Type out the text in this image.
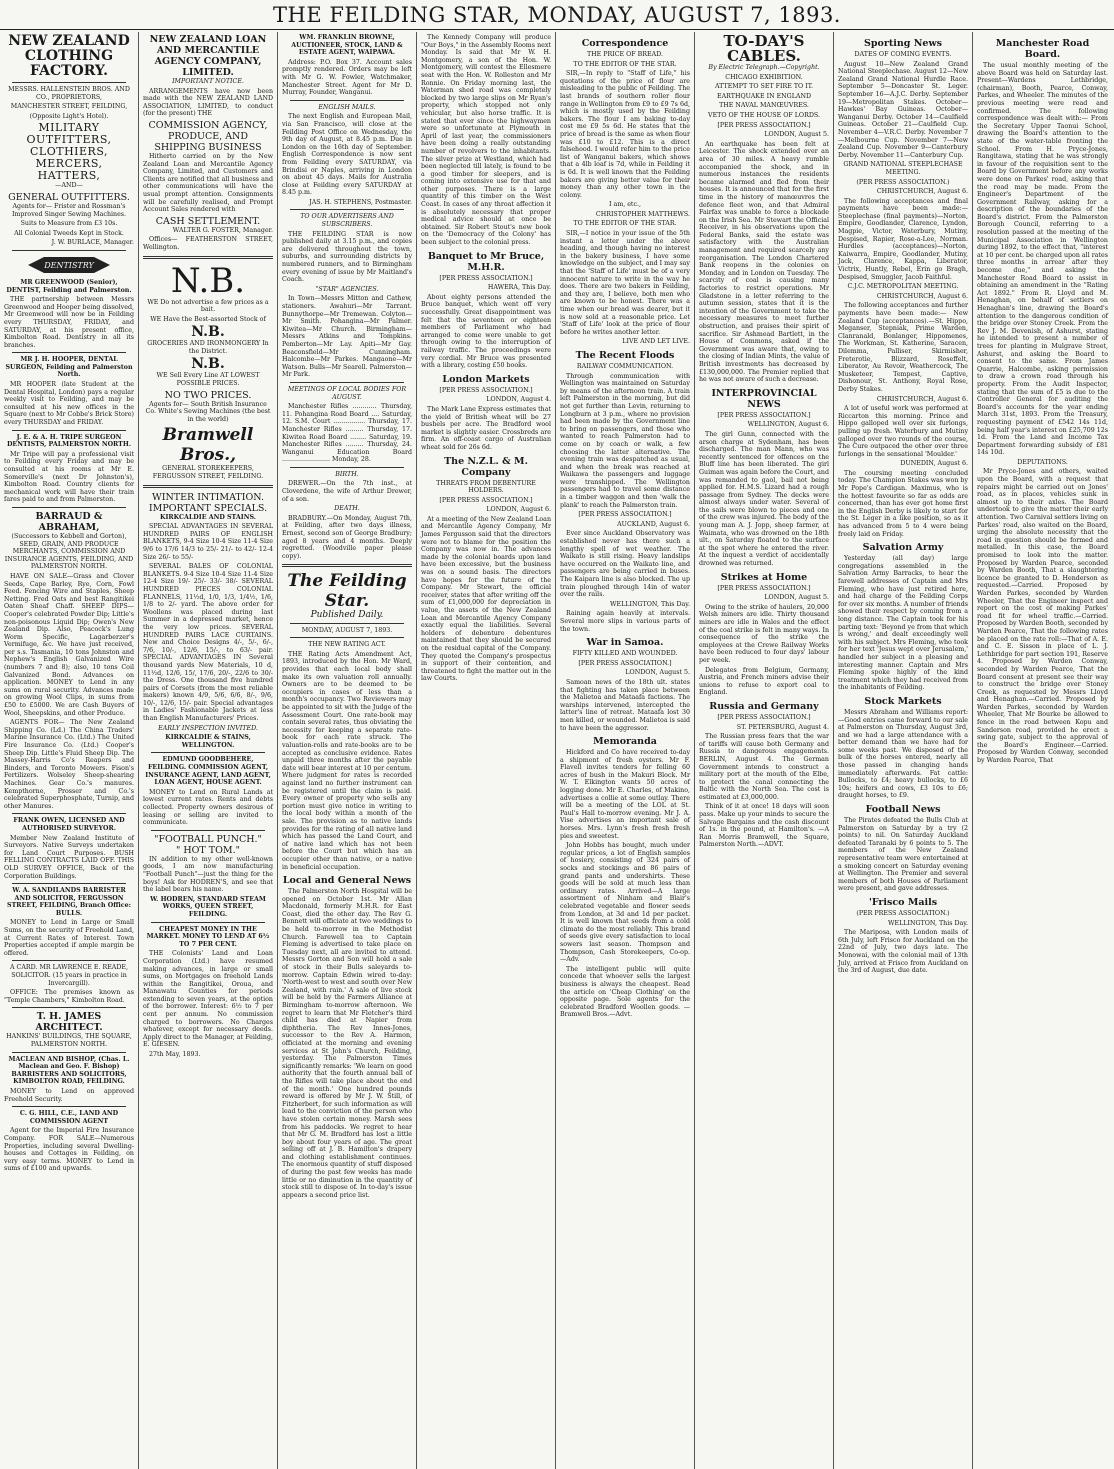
THE FEILDING STAR, MONDAY, AUGUST 7, 1893.
NEW ZEALAND CLOTHING FACTORY.

MESSRS. HALLENSTEIN BROS. AND CO., PROPRIETORS,

MANCHESTER STREET, FEILDING,

(Opposite Light's Hotel).

MILITARY OUTFITTERS,
CLOTHIERS,
MERCERS,
HATTERS,

—AND—

GENERAL OUTFITTERS.

Agents for— Frister and Rossman's Improved Singer Sewing Machines.

Suits to Measure from £3 10s.

All Colonial Tweeds Kept in Stock.

J. W. BURLACE, Manager.

DENTISTRY

MR GREENWOOD (Senior), DENTIST, Feilding and Palmerston.

THE partnership between Messrs Greenwood and Hooper being dissolved, Mr Greenwood will now be in Feilding every THURSDAY, FRIDAY, and SATURDAY, at his present office, Kimbolton Road. Dentistry in all its branches.

MR J. H. HOOPER, DENTAL SURGEON, Feilding and Palmerston North.

MR HOOPER (late Student at the Dental Hospital, London) pays a regular weekly visit to Feilding, and may be consulted at his new offices in the Square (next to Mr Cobbe's Brick Store) every THURSDAY and FRIDAY.

J. E. & A. H. TRIPE SURGEON DENTISTS, PALMERSTON NORTH.

Mr Tripe will pay a professional visit to Feilding every Friday and may be consulted at his rooms at Mr E. Somerville's (next Dr Johnston's), Kimbolton Road. Country clients for mechanical work will have their train fares paid to and from Palmerston.

BARRAUD & ABRAHAM,

(Successors to Kebbell and Gorton), SEED, GRAIN, AND PRODUCE MERCHANTS, COMMISSION AND INSURANCE AGENTS, FEILDING, AND PALMERSTON NORTH.

HAVE ON SALE—Grass and Clover Seeds, Cape Barley, Rye, Corn, Fowl Feed. Fencing Wire and Staples, Sheep Netting. Fred Oats and best Rangitikei Oaten Sheaf Chaff. SHEEP DIPS—Cooper's celebrated Powder Dip; Little's non-poisonous Liquid Dip; Owen's New Zealand Dip. Also, Peacock's Lung Worm Specific, Lagarberzer's Vermifuge, &c. We have just received, per s.s. Tasmania, 10 tons Johnston and Nephew's English Galvanized Wire (numbers 7 and 8); also, 10 tons Coil Galvanized Bond. Advances on application. MONEY to Lend in any sums on rural security. Advances made on growing Wool Clips, in sums from £50 to £5000. We are Cash Buyers of Wool, Sheepskins, and other Produce.

AGENTS FOR— The New Zealand Shipping Co. (Ld.) The China Traders' Marine Insurance Co. (Ltd.) The United Fire Insurance Co. (Ltd.) Cooper's Sheep Dip. Little's Fluid Sheep Dip. The Massey-Harris Co's Reapers and Binders, and Toronto Mowers. Fison's Fertilizers. Wolseley Sheep-shearing Machines. Gear Co.'s manures. Kempthorne, Prosser and Co.'s celebrated Superphosphate, Turnip, and other Manures.

FRANK OWEN, LICENSED AND AUTHORISED SURVEYOR.

Member New Zealand Institute of Surveyors. Native Surveys undertaken for Land Court Purposes. BUSH FELLING CONTRACTS LAID OFF. THIS OLD SURVEY OFFICE, Back of the Corporation Buildings.

W. A. SANDILANDS BARRISTER AND SOLICITOR, FERGUSSON STREET, FEILDING, Branch Office: BULLS.

MONEY to Lend in Large or Small Sums, on the security of Freehold Land, at Current Rates of Interest. Town Properties accepted if ample margin be offered.

A CARD. MR LAWRENCE E. READE, SOLICITOR. (15 years in practice in Invercargill).

OFFICE: The premises known as "Temple Chambers," Kimbolton Road.

T. H. JAMES ARCHITECT.

HANKINS' BUILDINGS, THE SQUARE, PALMERSTON NORTH.

MACLEAN AND BISHOP, (Chas. L. Maclean and Geo. F. Bishop) BARRISTERS AND SOLICITORS, KIMBOLTON ROAD, FEILDING.

MONEY to Lend on approved Freehold Security.

C. G. HILL, C.E., LAND AND COMMISSION AGENT

Agent for the Imperial Fire Insurance Company. FOR SALE—Numerous Properties, including several Dwelling-houses and Cottages in Feilding, on very easy terms. MONEY to Lend in sums of £100 and upwards.

NEW ZEALAND LOAN AND MERCANTILE AGENCY COMPANY, LIMITED.

IMPORTANT NOTICE.

ARRANGEMENTS have now been made with the NEW ZEALAND LAND ASSOCIATION, LIMITED, to conduct (for the present) THE

COMMISSION AGENCY, PRODUCE, AND SHIPPING BUSINESS

Hitherto carried on by the New Zealand Loan and Mercantile Agency Company, Limited, and Customers and Clients are notified that all business and other communications will have the usual prompt attention. Consignments will be carefully realised, and Prompt Account Sales rendered with

CASH SETTLEMENT.

WALTER G. FOSTER, Manager.

Offices— FEATHERSTON STREET, Wellington.

N.B.

WE Do not advertise a few prices as a bait.

WE Have the Best-assorted Stock of

N.B.

GROCERIES AND IRONMONGERY In the District.

N.B.

WE Sell Every Line AT LOWEST POSSIBLE PRICES.

NO TWO PRICES.

Agents for— South British Insurance Co. White's Sewing Machines (the best in the world)

Bramwell Bros.,

GENERAL STOREKEEPERS, FERGUSSON STREET, FEILDING.

WINTER INTIMATION. IMPORTANT SPECIALS.

KIRKCALDIE AND STAINS.

SPECIAL ADVANTAGES IN SEVERAL HUNDRED PAIRS OF ENGLISH BLANKETS, 9-4 Size 10-4 Size 11-4 Size 9/6 to 17/6 14/3 to 25/- 21/- to 42/- 12-4 Size 26/- to 55/-

SEVERAL BALES OF COLONIAL BLANKETS. 9-4 Size 10-4 Size 11-4 Size 12-4 Size 19/- 25/- 33/- 38/- SEVERAL HUNDRED PIECES COLONIAL FLANNELS, 11½d, 1/0, 1/3, 1/4½, 1/6, 1/8 to 2/- yard. The above order for Woollens was placed during last Summer in a depressed market, hence the very low prices. SEVERAL HUNDRED PAIRS LACE CURTAINS. New and Choice Designs 4/-, 5/-, 6/-, 7/6, 10/-, 12/6, 15/-, to 63/- pair. SPECIAL ADVANTAGES IN Several thousand yards New Materials, 10 d, 11½d, 12/6, 15/, 17/6, 20/-, 22/6 to 30/- the Dress. One thousand five hundred pairs of Corsets (from the most reliable makers) known 4/9, 5/6, 6/6, 8/-, 9/6, 10/-, 12/6, 15/- pair. Special advantages in Ladies' Fashionable Jackets at less than English Manufacturers' Prices.

EARLY INSPECTION INVITED.

KIRKCALDIE & STAINS, WELLINGTON.

EDMUND GOODBEHERE, FEILDING. COMMISSION AGENT, INSURANCE AGENT, LAND AGENT, LOAN AGENT, HOUSE AGENT.

MONEY to Lend on Rural Lands at lowest current rates. Rents and debts collected. Property owners desirous of leasing or selling are invited to communicate.

"FOOTBALL PUNCH."
" HOT TOM."

IN addition to my other well-known goods, I am now manufacturing "Football Punch"—just the thing for the boys! Ask for HODREN'S, and see that the label bears his name.

W. HODREN, STANDARD STEAM WORKS, QUEEN STREET, FEILDING.

CHEAPEST MONEY IN THE MARKET. MONEY TO LEND AT 6½ TO 7 PER CENT.

THE Colonists' Land and Loan Corporation (Ltd.) have resumed making advances, in large or small sums, on Mortgages on freehold Lands within the Rangitikei, Oroua, and Manawatu Counties for periods extending to seven years, at the option of the borrower. Interest: 6½ to 7 per cent per annum. No commission charged to borrowers. No Charges whatever, except for necessary deeds. Apply direct to the Manager, at Feilding, E. GIESEN.

27th May, 1893.

WM. FRANKLIN BROWNE, AUCTIONEER, STOCK, LAND & ESTATE AGENT, WAIPAWA.

Address: P.O. Box 37. Account sales promptly rendered. Orders may be left with Mr G. W. Fowler, Watchmaker, Manchester Street. Agent for Mr D. Murray, Founder, Wanganui.

ENGLISH MAILS.

The next English and European Mail, via San Francisco, will close at the Feilding Post Office on Wednesday, the 9th day of August, at 8.45 p.m. Due in London on the 16th day of September. English Correspondence is now sent from Feilding every SATURDAY, via Brindisi or Naples, arriving in London on about 45 days. Mails for Australia close at Feilding every SATURDAY at 8.45 p.m.

JAS. H. STEPHENS, Postmaster.

TO OUR ADVERTISERS AND SUBSCRIBERS.

THE FEILDING STAR is now published daily at 3.15 p.m., and copies are delivered throughout the town, suburbs, and surrounding districts by numbered runners, and to Birmingham every evening of issue by Mr Maitland's Coach.

"STAR" AGENCIES.

In Town—Messrs Mitton and Cathew, stationers. Awahuri—Mr Tarrant. Bunnythorpe—Mr Tremewan. Colyton—Mr Smith. Pohangina—Mr Palmer. Kiwitea—Mr Church. Birmingham—Messrs Atkins and Tompkins. Pemberton—Mr Lay. Apiti—Mr Gay. Beaconsfield—Mr Cunningham. Halcombe—Mr Parkes. Mangaone—Mr Watson. Bulls—Mr Searell. Palmerston—Mr Park.

MEETINGS OF LOCAL BODIES FOR AUGUST.

Manchester Rifles ............ Thursday, 11. Pohangina Road Board .... Saturday, 12. S.M. Court ................ Thursday, 17. Manchester Rifles ......... Thursday, 17. Kiwitea Road Board ........ Saturday, 19. Manchester Rifles ......... Thursday, 24. Wanganui Education Board ........................ Monday, 28.

BIRTH.

DREWER.—On the 7th inst., at Cloverdene, the wife of Arthur Drewer, of a son.

DEATH.

BRADBURY.—On Monday, August 7th, at Feilding, after two days illness, Ernest, second son of George Bradbury; aged 8 years and 4 months. Deeply regretted. (Woodville paper please copy).

The Feilding Star.

Published Daily.

MONDAY, AUGUST 7, 1893.

THE NEW RATING ACT.

THE Rating Acts Amendment Act, 1893, introduced by the Hon. Mr Ward, provides that each local body shall make its own valuation roll annually. Owners are to be deemed to be occupiers in cases of less than a month's occupancy. Two Reviewers may be appointed to sit with the Judge of the Assessment Court. One rate-book may contain several rates, thus obviating the necessity for keeping a separate rate-book for each rate struck. The valuation-rolls and rate-books are to be accepted as conclusive evidence. Rates unpaid three months after the payable date will bear interest at 10 per centum. Where judgment for rates is recorded against land no further instrument can be registered until the claim is paid. Every owner of property who sells any portion must give notice in writing to the local body within a month of the sale. The provision as to native lands provides for the rating of all native land which has passed the Land Court, and of native land which has not been before the Court but which has an occupier other than native, or a native in beneficial occupation.

Local and General News

The Palmerston North Hospital will be opened on October 1st. Mr Allan Macdonald, formerly M.H.R. for East Coast, died the other day. The Rev G. Bennett will officiate at two weddings to be held to-morrow in the Methodist Church. Farewell tea to Captain Fleming is advertised to take place on Tuesday next, all are invited to attend. Messrs Gorton and Son will hold a sale of stock in their Bulls saleyards to-morrow. Captain Edwin wired to-day: 'North-west to west and south over New Zealand, with rain.' A sale of live stock will be held by the Farmers Alliance at Birmingham to-morrow afternoon. We regret to learn that Mr Fletcher's third child has died at Napier from diphtheria. The Rev Innes-Jones, successor to the Rev A. Harmon, officiated at the morning and evening services at St John's Church, Feilding, yesterday. The Palmerston Times significantly remarks: 'We learn on good authority that the fourth annual ball of the Rifles will take place about the end of the month.' One hundred pounds reward is offered by Mr J. W. Still, of Fitzherbert, for such information as will lead to the conviction of the person who have stolen certain money. Marsh sees from his paddocks. We regret to hear that Mr G. M. Bradford has lost a little boy about four years of age. The great selling off at J. B. Hamilton's drapery and clothing establishment continues. The enormous quantity of stuff disposed of during the past few weeks has made little or no diminution in the quantity of stock still to dispose of. In to-day's issue appears a second price list.

The Kennedy Company will produce "Our Boys," in the Assembly Rooms next Monday. Is said that Mr W. H. Montgomery, a son of the Hon. W. Montgomery, will contest the Ellesmere seat with the Hon. W. Rolleston and Mr Ronnie. On Friday morning last, the Waterman shed road was completely blocked by two large slips on Mr Ryan's property, which stopped not only vehicular, but also horse traffic. It is stated that ever since the highwaymen were so unfortunate at Plymouth in April of last year, the commissioners have been doing a really outstanding number of revolvers to the inhabitants. The silver prize at Westland, which had been neglected till lately, is found to be a good timber for sleepers, and is coming into extensive use for that and other purposes. There is a large quantity of this timber on the West Coast. In cases of any throat affection it is absolutely necessary that proper medical advice should at once be obtained. Sir Robert Stout's new book on the 'Democracy of the Colony' has been subject to the colonial press.

Banquet to Mr Bruce, M.H.R.

[PER PRESS ASSOCIATION.]

HAWERA, This Day.

About eighty persons attended the Bruce banquet, which went off very successfully. Great disappointment was felt that the seventeen or eighteen members of Parliament who had arranged to come were unable to get through owing to the interruption of railway traffic. The proceedings were very cordial. Mr Bruce was presented with a library, costing £50 books.

London Markets

[PER PRESS ASSOCIATION.]

LONDON, August 4.

The Mark Lane Express estimates that the yield of British wheat will be 27 bushels per acre. The Bradford wool market is slightly easier. Crossbreds are firm. An off-coast cargo of Australian wheat sold for 26s 6d.

The N.Z.L. & M. Company

THREATS FROM DEBENTURE HOLDERS.

[PER PRESS ASSOCIATION.]

LONDON, August 6.

At a meeting of the New Zealand Loan and Mercantile Agency Company, Mr James Fergusson said that the directors were not to blame for the position the Company was now in. The advances made by the colonial boards upon land have been excessive, but the business was on a sound basis. The directors have hopes for the future of the Company. Mr Stewart, the official receiver, states that after writing off the sum of £1,000,000 for depreciation in value, the assets of the New Zealand Loan and Mercantile Agency Company exactly equal the liabilities. Several holders of debenture debentures maintained that they should be secured on the residual capital of the Company. They quoted the Company's prospectus in support of their contention, and threatened to fight the matter out in the law Courts.

Correspondence

THE PRICE OF BREAD.

TO THE EDITOR OF THE STAR.

SIR,—In reply to "Staff of Life," his quotations of the price of flour are misleading to the public of Feilding. The last brands of southern roller flour range in Wellington from £9 to £9 7s 6d, which is mostly used by the Feilding bakers. The flour I am baking to-day cost me £9 5s 6d. He states that the price of bread is the same as when flour was £10 to £12. This is a direct falsehood. I would refer him to the price list of Wanganui bakers, which shows that a 4lb loaf is 7d, while in Feilding it is 6d. It is well known that the Feilding bakers are giving better value for their money than any other town in the colony.

I am, etc.,

CHRISTOPHER MATTHEWS.

TO THE EDITOR OF THE STAR.

SIR,—I notice in your issue of the 5th instant a letter under the above heading, and though having no interest in the bakery business, I have some knowledge on the subject, and I may say that the 'Staff of Life' must be of a very innocent nature to write in the way he does. There are two bakers in Feilding, and they are, I believe, both men who are known to be honest. There was a time when our bread was dearer, but it is now sold at a reasonable price. Let 'Staff of Life' look at the price of flour before he writes another letter.

LIVE AND LET LIVE.

The Recent Floods

RAILWAY COMMUNICATION.

Through communication with Wellington was maintained on Saturday by means of the afternoon train. A train left Palmerston in the morning, but did not get further than Levin, returning to Longburn at 3 p.m., where no provision had been made by the Government line to bring on passengers, and those who wanted to reach Palmerston had to come on by coach or walk, a few choosing the latter alternative. The evening train was despatched as usual, and when the break was reached at Waikawa the passengers and luggage were transhipped. The Wellington passengers had to travel some distance in a timber waggon and then 'walk the plank' to reach the Palmerston train.

[PER PRESS ASSOCIATION.]

AUCKLAND, August 6.

Ever since Auckland Observatory was established never has there such a lengthy spell of wet weather. The Waikato is still rising. Heavy landslips have occurred on the Waikato line, and passengers are being carried in buses. The Kaipara line is also blocked. The up train ploughed through 14in of water over the rails.

WELLINGTON, This Day.

Raining again heavily at intervals. Several more slips in various parts of the town.

War in Samoa.

FIFTY KILLED AND WOUNDED.

[PER PRESS ASSOCIATION.]

LONDON, August 5.

Samoan news of the 18th ult. states that fighting has taken place between the Malietoa and Mataafa factions. The warships intervened, intercepted the latter's line of retreat. Mataafa lost 30 men killed, or wounded. Malietoa is said to have been the aggressor.

Memoranda

Hickford and Co have received to-day a shipment of fresh oysters. Mr F. Flavell invites tenders for felling 60 acres of bush in the Makuri Block. Mr W. T. Elkington wants 50 acres of logging done. Mr E. Charles, of Makino, advertises a collie at some outlay. There will be a meeting of the LOL at St. Paul's Hall to-morrow evening. Mr J. A. Vise advertises an important sale of horses. Mrs. Lynn's fresh fresh fresh pies and sweetest.

John Hobbs has bought, much under regular prices, a lot of English samples of hosiery, consisting of 324 pairs of socks and stockings and 86 pairs of grand pants and undershirts. These goods will be sold at much less than ordinary rates. Arrived—A large assortment of Ninham and Blair's celebrated vegetable and flower seeds from London, at 3d and 1d per packet. It is well known that seeds from a cold climate do the most reliably. This brand of seeds give every satisfaction to local sowers last season. Thompson and Thompson, Cash Storekeepers, Co-op. —Adv.

The intelligent public will quite concede that whoever sells the largest business is always the cheapest. Read the article on 'Cheap Clothing' on the opposite page. Sole agents for the celebrated Bradford Woollen goods. —Bramwell Bros.—Advt.

TO-DAY'S CABLES.

By Electric Telegraph.—Copyright.

CHICAGO EXHIBITION.

ATTEMPT TO SET FIRE TO IT.

EARTHQUAKE IN ENGLAND

THE NAVAL MANŒUVRES.

VETO OF THE HOUSE OF LORDS.

[PER PRESS ASSOCIATION.]

LONDON, August 5.

An earthquake has been felt at Leicester. The shock extended over an area of 30 miles. A heavy rumble accompanied the shock, and in numerous instances the residents became alarmed and fled from their houses. It is announced that for the first time in the history of manœuvres the defence fleet won, and that Admiral Fairfax was unable to force a blockade on the Irish Sea. Mr Stewart the Official Receiver, in his observations upon the Federal Banks, said the estate was satisfactory with the Australian management and required scarcely any reorganisation. The London Chartered Bank reopens in the colonies on Monday, and in London on Tuesday. The scarcity of coal is causing many factories to restrict operations. Mr Gladstone in a letter referring to the autumn session, states that it is the intention of the Government to take the necessary measures to meet further obstruction, and praises their spirit of sacrifice. Sir Ashmead Bartlett, in the House of Commons, asked if the Government was aware that, owing to the closing of Indian Mints, the value of British investments has decreased by £130,000,000. The Premier replied that he was not aware of such a decrease.

INTERPROVINCIAL NEWS

[PER PRESS ASSOCIATION.]

WELLINGTON, August 6.

The girl Gunn, connected with the arson charge at Sydenham, has been discharged. The man Mann, who was recently sentenced for offences on the Bluff line has been liberated. The girl Guiman was again before the Court, and was remanded to gaol, bail not being applied for. H.M.S. Lizard had a rough passage from Sydney. The decks were almost always under water. Several of the sails were blown to pieces and one of the crew was injured. The body of the young man A. J. Jopp, sheep farmer, at Waimata, who was drowned on the 18th ult., on Saturday floated to the surface at the spot where he entered the river. At the inquest a verdict of accidentally drowned was returned.

Strikes at Home

[PER PRESS ASSOCIATION.]

LONDON, August 5.

Owing to the strike of haulers, 20,000 Welsh miners are idle. Thirty thousand miners are idle in Wales and the effect of the coal strike is felt in many ways. In consequence of the strike the employees at the Crewe Railway Works have been reduced to four days' labour per week.

Delegates from Belgium, Germany, Austria, and French miners advise their unions to refuse to export coal to England.

Russia and Germany

[PER PRESS ASSOCIATION.]

ST. PETERSBURG, August 4.

The Russian press fears that the war of tariffs will cause both Germany and Russia to dangerous engagements. BERLIN, August 4. The German Government intends to construct a military port at the mouth of the Elbe, to protect the canal connecting the Baltic with the North Sea. The cost is estimated at £3,000,000.

Think of it at once! 18 days will soon pass. Make up your minds to secure the Salvage Bargains and the cash discount of 1s. in the pound, at Hamilton's. —A Ran Morris Bramwell, the Square, Palmerston North.—ADVT.

Sporting News

DATES OF COMING EVENTS.

August 10—New Zealand Grand National Steeplechase. August 12—New Zealand Grand National Hurdle Race. September 5—Doncaster St. Leger. September 16—A.J.C. Derby. September 19—Metropolitan Stakes. October—Hawkes' Bay Guineas. October—Wanganui Derby. October 14—Caulfield Guineas. October 21—Caulfield Cup. November 4—V.R.C. Derby. November 7—Melbourne Cup. November 7—New Zealand Cup. November 9—Canterbury Derby. November 11—Canterbury Cup.

GRAND NATIONAL STEEPLECHASE MEETING.

(PER PRESS ASSOCIATION.)

CHRISTCHURCH, August 6.

The following acceptances and final payments have been made:— Steeplechase (final payments)—Norton, Empire, Goodlander, Clarence, Lyndon, Magpie, Victor, Waterbury, Mutiny, Despised, Rapier, Rose-a-Lee, Norman. Hurdles (acceptances)—Norton, Kaiwarra, Empire, Goodlander, Mutiny, Jack, Clarence, Kappa, Liberator, Victrix, Huntly, Rebel, Erin go Bragh, Despised, Smuggler, Jacob Faithful.

C.J.C. METROPOLITAN MEETING.

CHRISTCHURCH, August 6.

The following acceptances and further payments have been made:— New Zealand Cup (acceptances).—St. Hippo, Meganser, Stepniak, Prime Warden, Clanranald, Bonlanger, Hippomenes, The Workman, St. Katherine, Saracen, Dilemma, Palliser, Skirmisher, Freterotie, Blizzard, Roseffelt, Liberator, Au Revoir, Weathercock, The Musketeer, Tempest, Captive, Dishonour, St. Anthony, Royal Rose, Derby Stakes.

CHRISTCHURCH, August 6.

A lot of useful work was performed at Riccarton this morning. Prince and Hippo galloped well over six furlongs, pulling up fresh. Waterbury and Mutiny galloped over two rounds of the course, The Cure outpaced the other over three furlongs in the sensational 'Moulder.'

DUNEDIN, August 6.

The coursing meeting concluded today. The Champion Stakes was won by Mr Pope's Cardigan. Maximus, who is the hottest favourite so far as odds are concerned, than has ever got home first in the English Derby is likely to start for the St. Leger in a like position, so as it has advanced from 5 to 4 were being freely laid on Friday.

Salvation Army

Yesterday (all day) large congregations assembled in the Salvation Army Barracks, to hear the farewell addresses of Captain and Mrs Fleming, who have just retired here, and had charge of the Feilding Corps for over six months. A number of friends showed their respect by coming from a long distance. The Captain took for his parting text: 'Beyond ye from that which is wrong,' and dealt exceedingly well with his subject. Mrs Fleming, who took for her text 'Jesus wept over Jerusalem,' handled her subject in a pleasing and interesting manner. Captain and Mrs Fleming spoke highly of the kind treatment which they had received from the inhabitants of Feilding.

Stock Markets

Messrs Abraham and Williams report:—Good entries came forward to our sale at Palmerston on Thursday, August 3rd, and we had a large attendance with a better demand than we have had for some weeks past. We disposed of the bulk of the horses entered, nearly all those passed in changing hands immediately afterwards. Fat cattle: Bullocks, to £4; heavy bullocks, to £6 10s; heifers and cows, £3 10s to £6; draught horses, to £9.

Football News

The Pirates defeated the Bulls Club at Palmerston on Saturday by a try (2 points) to nil. On Saturday Auckland defeated Taranaki by 6 points to 5. The members of the New Zealand representative team were entertained at a smoking concert on Saturday evening at Wellington. The Premier and several members of both Houses of Parliament were present, and gave addresses.

'Frisco Mails

(PER PRESS ASSOCIATION.)

WELLINGTON, This Day.

The Mariposa, with London mails of 6th July, left Frisco for Auckland on the 22nd of July, two days late. The Monowai, with the colonial mail of 13th July, arrived at Frisco from Auckland on the 3rd of August, due date.

Manchester Road Board.

The usual monthly meeting of the above Board was held on Saturday last. Present—Wardens Lethbridge, (chairman), Booth, Pearce, Conway, Parkes, and Wheeler. The minutes of the previous meeting were read and confirmed. The following correspondence was dealt with:— From the Secretary Upper Taonui School, drawing the Board's attention to the state of the water-table fronting the School. From H. Pryce-Jones, Rangitawa, stating that he was strongly in favour of the requisition sent to the Board by Government before any works were done on Parkes' road, asking that the road may be made. From the Engineer's Department of the Government Railway, asking for a description of the boundaries of the Board's district. From the Palmerston Borough Council, referring to a resolution passed at the meeting of the Municipal Association in Wellington during 1892, to the effect that, "interest at 10 per cent. be charged upon all rates three months in arrear after they become due," and asking the Manchester Road Board to assist in obtaining an amendment in the "Rating Act 1892." From R. Lloyd and M. Henaghan, on behalf of settlers on Henaghan's line, drawing the Board's attention to the dangerous condition of the bridge over Stoney Creek. From the Rev J. M. Devenish, of Ashurst, stating he intended to present a number of trees for planting in Mulgrave Street, Ashurst, and asking the Board to consent to the same. From James Quarrie, Halcombe, asking permission to draw a crown road through his property. From the Audit Inspector, stating that the sum of £5 is due to the Controller General for auditing the Board's accounts for the year ending March 31st, 1893. From the Treasury, requesting payment of £542 14s 11d, being half year's interest on £25,709 12s 1d. From the Land and Income Tax Department forwarding subsidy of £81 14s 10d.

DEPUTATIONS.

Mr Pryce-Jones and others, waited upon the Board, with a request that repairs might be carried out on Jones' road, as in places, vehicles sunk in almost up to their axles. The Board undertook to give the matter their early attention. Two Carnival settlers living on Parkes' road, also waited on the Board, urging the absolute necessity that the road in question should be formed and metalled. In this case, the Board promised to look into the matter. Proposed by Warden Pearce, seconded by Warden Booth, That a slaughtering licence be granted to D. Henderson as requested.—Carried. Proposed by Warden Parkes, seconded by Warden Wheeler, That the Engineer inspect and report on the cost of making Parkes' road fit for wheel traffic.—Carried. Proposed by Warden Booth, seconded by Warden Pearce, That the following rates be placed on the rate roll:—That of A. E. and C. E. Sisson in place of L. J. Lethbridge for part section 191, Reserve 4. Proposed by Warden Conway, seconded by Warden Pearce, That the Board consent at present see their way to construct the bridge over Stoney Creek, as requested by Messrs Lloyd and Henaghan.—Carried. Proposed by Warden Parkes, seconded by Warden Wheeler, That Mr Bourke be allowed to fence in the road between Kopu and Sanderson road, provided he erect a swing gate, subject to the approval of the Board's Engineer.—Carried. Proposed by Warden Conway, seconded by Warden Pearce, That
